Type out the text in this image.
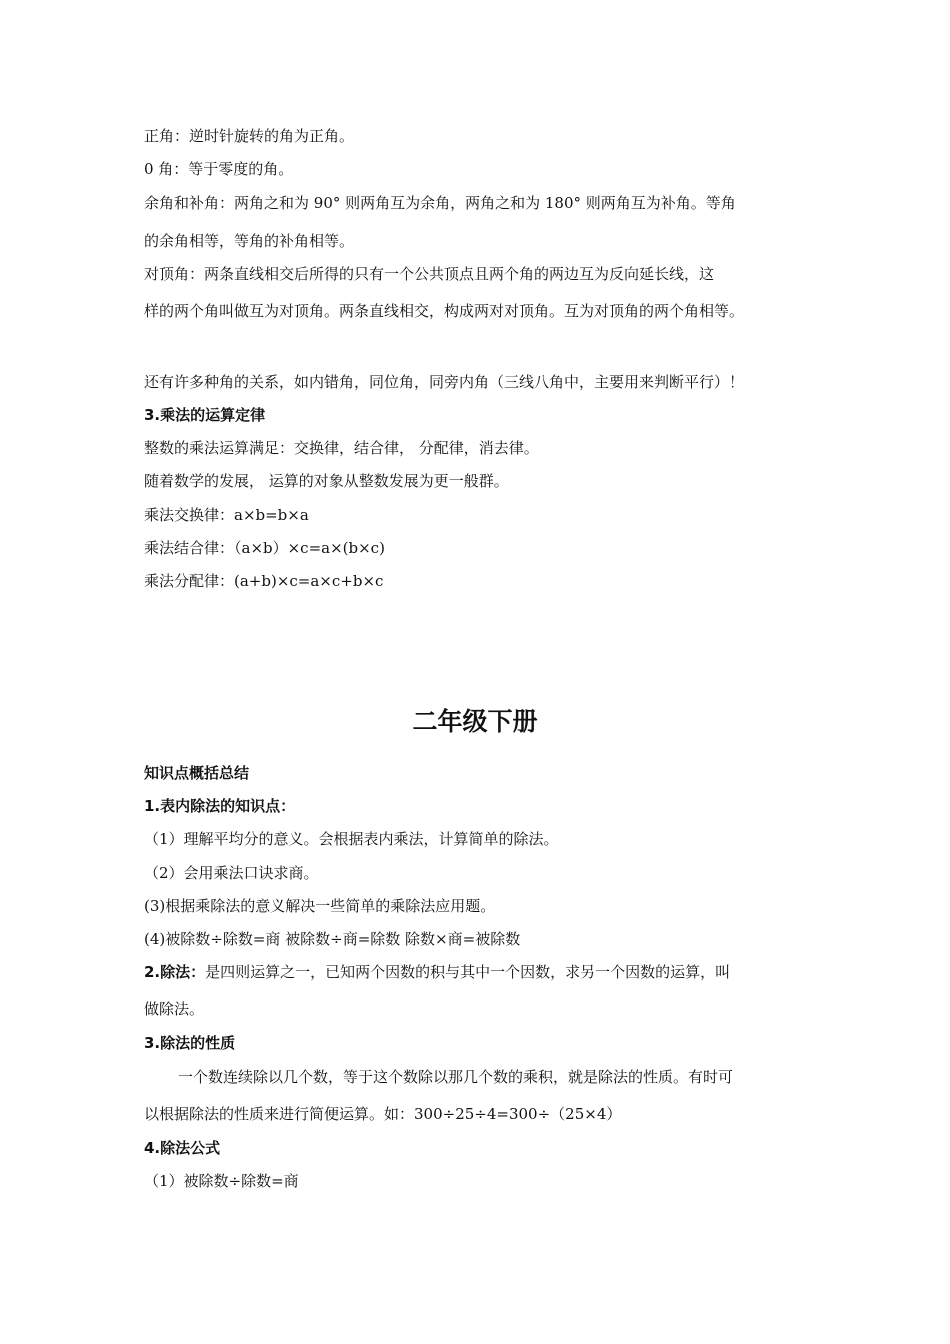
正角：逆时针旋转的角为正角。
0 角：等于零度的角。
余角和补角：两角之和为 90° 则两角互为余角，两角之和为 180° 则两角互为补角。等角
的余角相等，等角的补角相等。
对顶角：两条直线相交后所得的只有一个公共顶点且两个角的两边互为反向延长线，这
样的两个角叫做互为对顶角。两条直线相交，构成两对对顶角。互为对顶角的两个角相等。
还有许多种角的关系，如内错角，同位角，同旁内角（三线八角中，主要用来判断平行）！
3.乘法的运算定律
整数的乘法运算满足：交换律，结合律， 分配律，消去律。
随着数学的发展， 运算的对象从整数发展为更一般群。
乘法交换律：a×b=b×a
乘法结合律：（a×b）×c=a×(b×c)
乘法分配律：(a+b)×c=a×c+b×c
二年级下册
知识点概括总结
1.表内除法的知识点：
（1）理解平均分的意义。会根据表内乘法，计算简单的除法。
（2）会用乘法口诀求商。
(3)根据乘除法的意义解决一些简单的乘除法应用题。
(4)被除数÷除数=商 被除数÷商=除数 除数×商=被除数
2.除法：是四则运算之一，已知两个因数的积与其中一个因数，求另一个因数的运算，叫
做除法。
3.除法的性质
一个数连续除以几个数，等于这个数除以那几个数的乘积，就是除法的性质。有时可
以根据除法的性质来进行简便运算。如：300÷25÷4=300÷（25×4）
4.除法公式
（1）被除数÷除数=商
